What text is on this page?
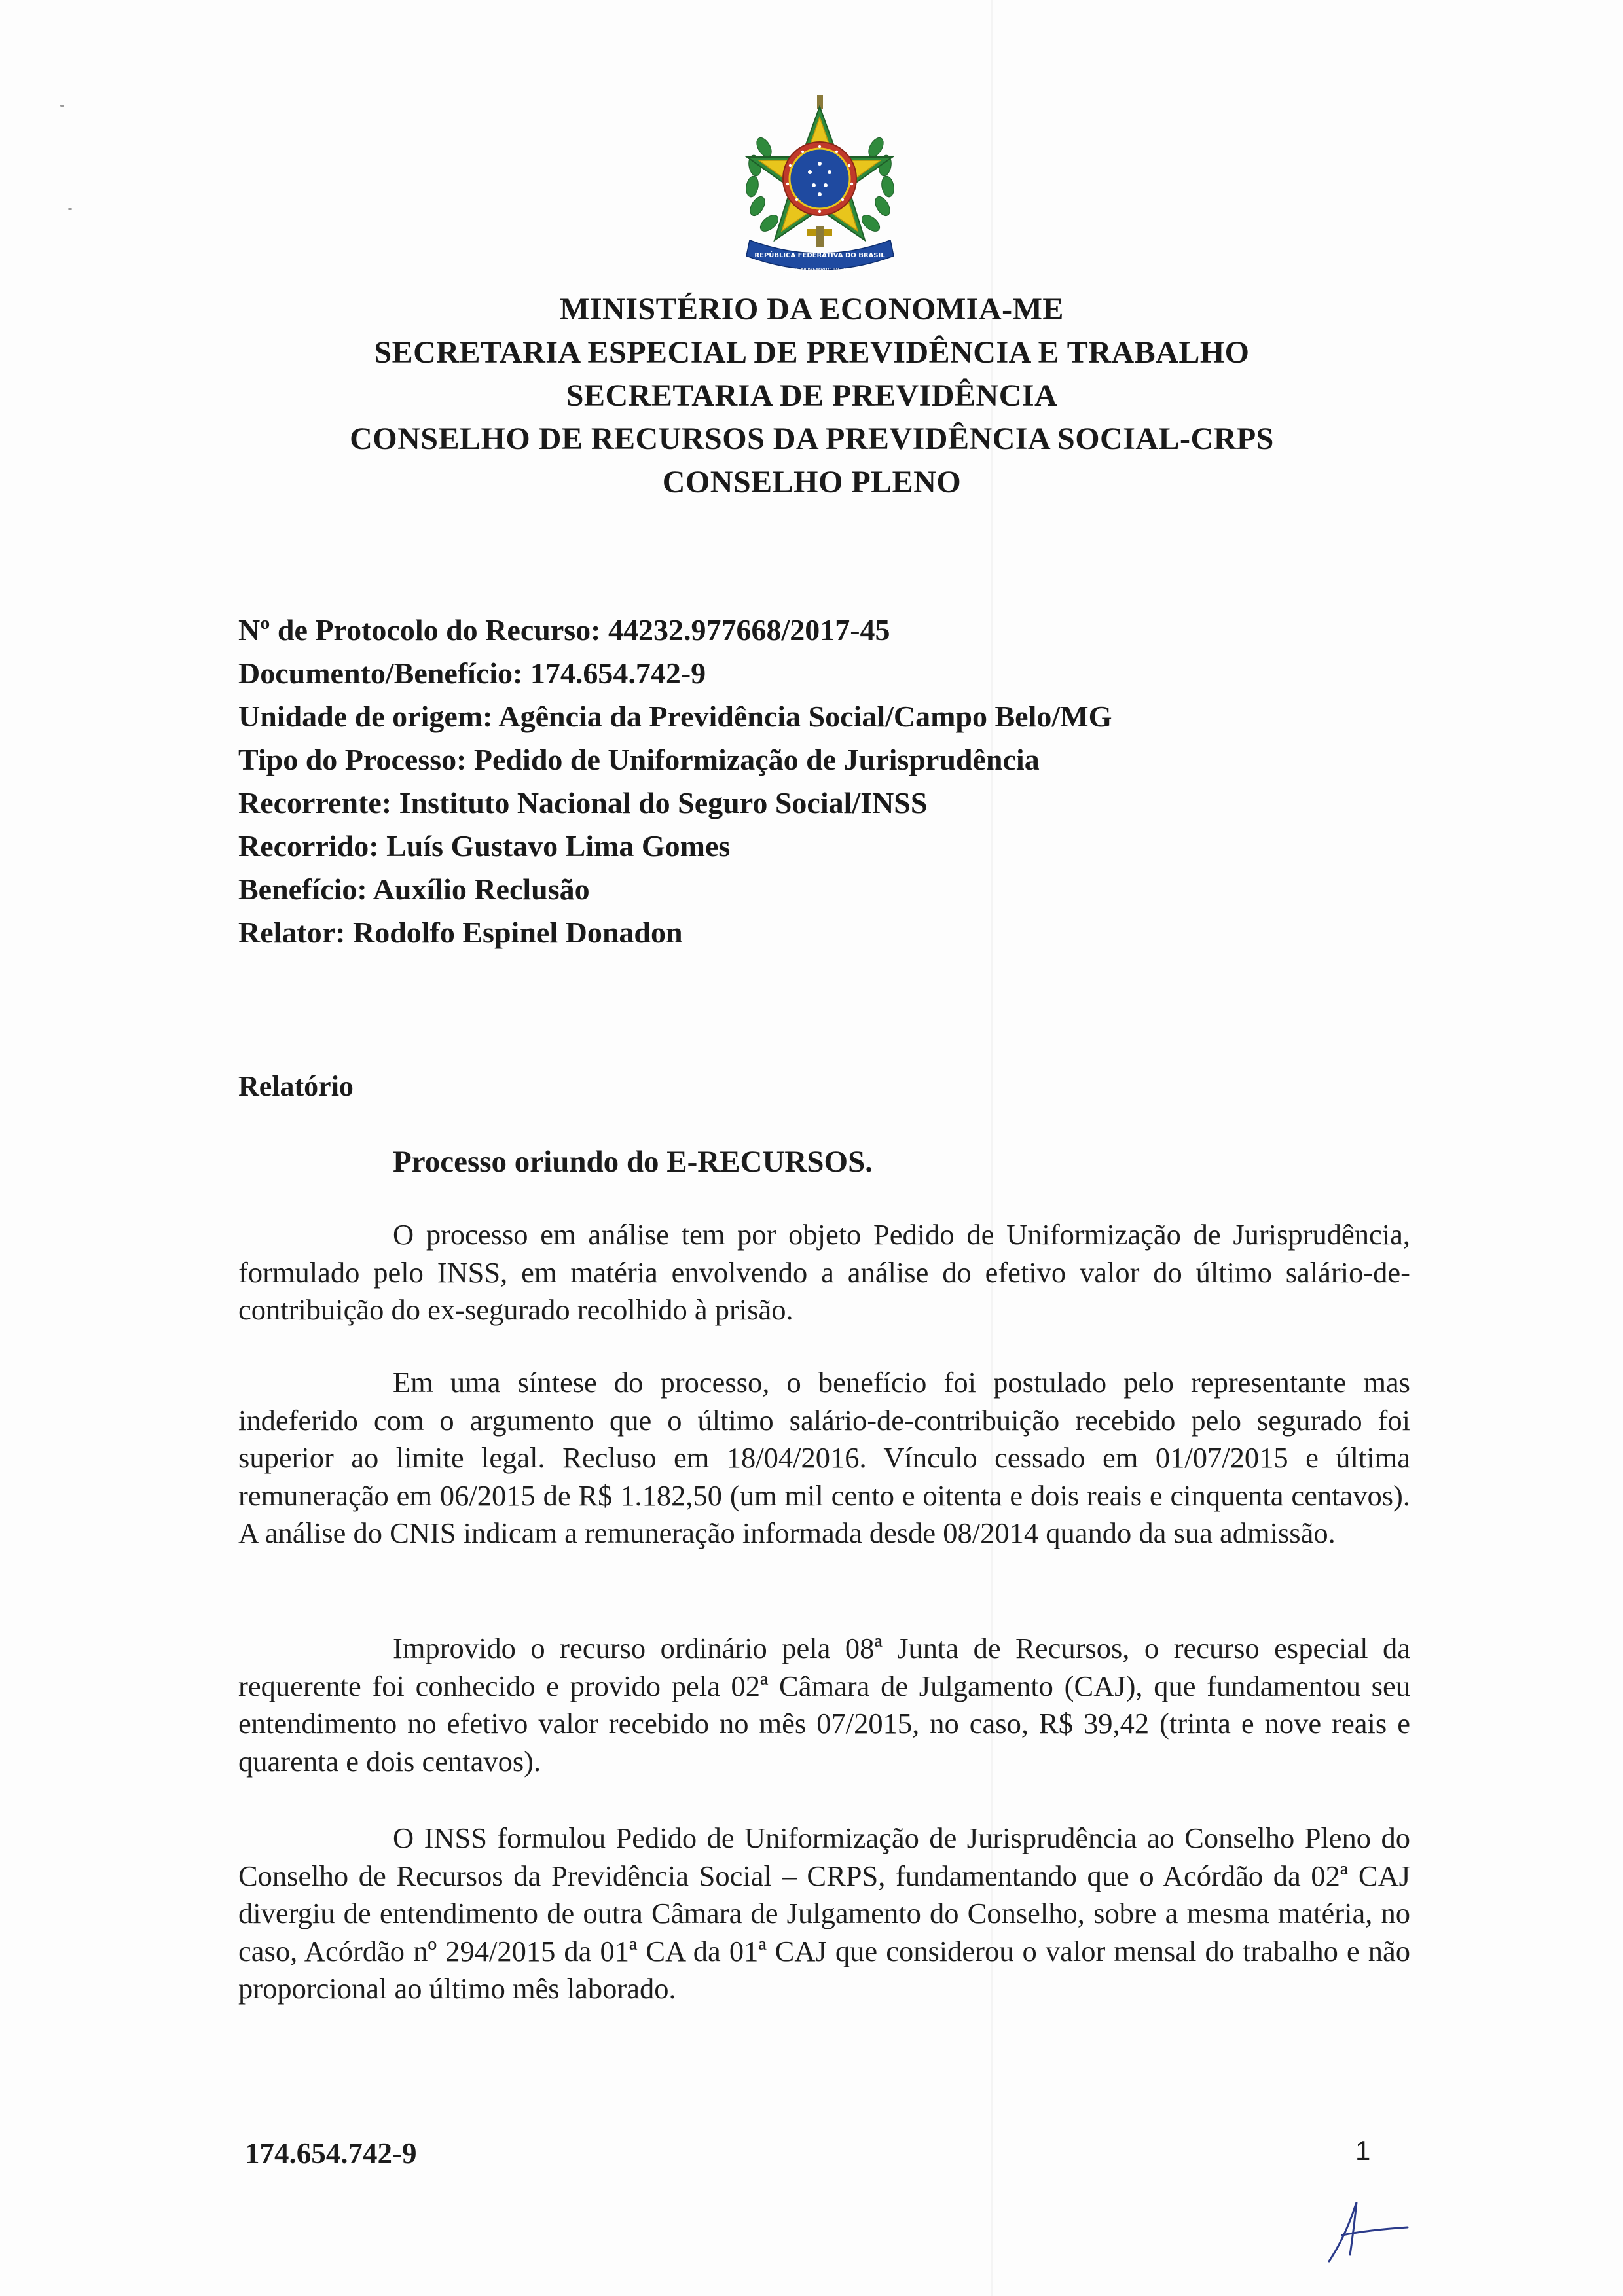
REPÚBLICA FEDERATIVA DO BRASIL
15 DE NOVEMBRO DE 1889
MINISTÉRIO DA ECONOMIA-ME
SECRETARIA ESPECIAL DE PREVIDÊNCIA E TRABALHO
SECRETARIA DE PREVIDÊNCIA
CONSELHO DE RECURSOS DA PREVIDÊNCIA SOCIAL-CRPS
CONSELHO PLENO
Nº de Protocolo do Recurso: 44232.977668/2017-45
Documento/Benefício: 174.654.742-9
Unidade de origem: Agência da Previdência Social/Campo Belo/MG
Tipo do Processo: Pedido de Uniformização de Jurisprudência
Recorrente: Instituto Nacional do Seguro Social/INSS
Recorrido: Luís Gustavo Lima Gomes
Benefício: Auxílio Reclusão
Relator: Rodolfo Espinel Donadon
Relatório
Processo oriundo do E-RECURSOS.

O processo em análise tem por objeto Pedido de Uniformização de Jurisprudência, formulado pelo INSS, em matéria envolvendo a análise do efetivo valor do último salário-de-contribuição do ex-segurado recolhido à prisão.

Em uma síntese do processo, o benefício foi postulado pelo representante mas indeferido com o argumento que o último salário-de-contribuição recebido pelo segurado foi superior ao limite legal. Recluso em 18/04/2016. Vínculo cessado em 01/07/2015 e última remuneração em 06/2015 de R$ 1.182,50 (um mil cento e oitenta e dois reais e cinquenta centavos). A análise do CNIS indicam a remuneração informada desde 08/2014 quando da sua admissão.

Improvido o recurso ordinário pela 08ª Junta de Recursos, o recurso especial da requerente foi conhecido e provido pela 02ª Câmara de Julgamento (CAJ), que fundamentou seu entendimento no efetivo valor recebido no mês 07/2015, no caso, R$ 39,42 (trinta e nove reais e quarenta e dois centavos).

O INSS formulou Pedido de Uniformização de Jurisprudência ao Conselho Pleno do Conselho de Recursos da Previdência Social – CRPS, fundamentando que o Acórdão da 02ª CAJ divergiu de entendimento de outra Câmara de Julgamento do Conselho, sobre a mesma matéria, no caso, Acórdão nº 294/2015 da 01ª CA da 01ª CAJ que considerou o valor mensal do trabalho e não proporcional ao último mês laborado.

174.654.742-9	1
